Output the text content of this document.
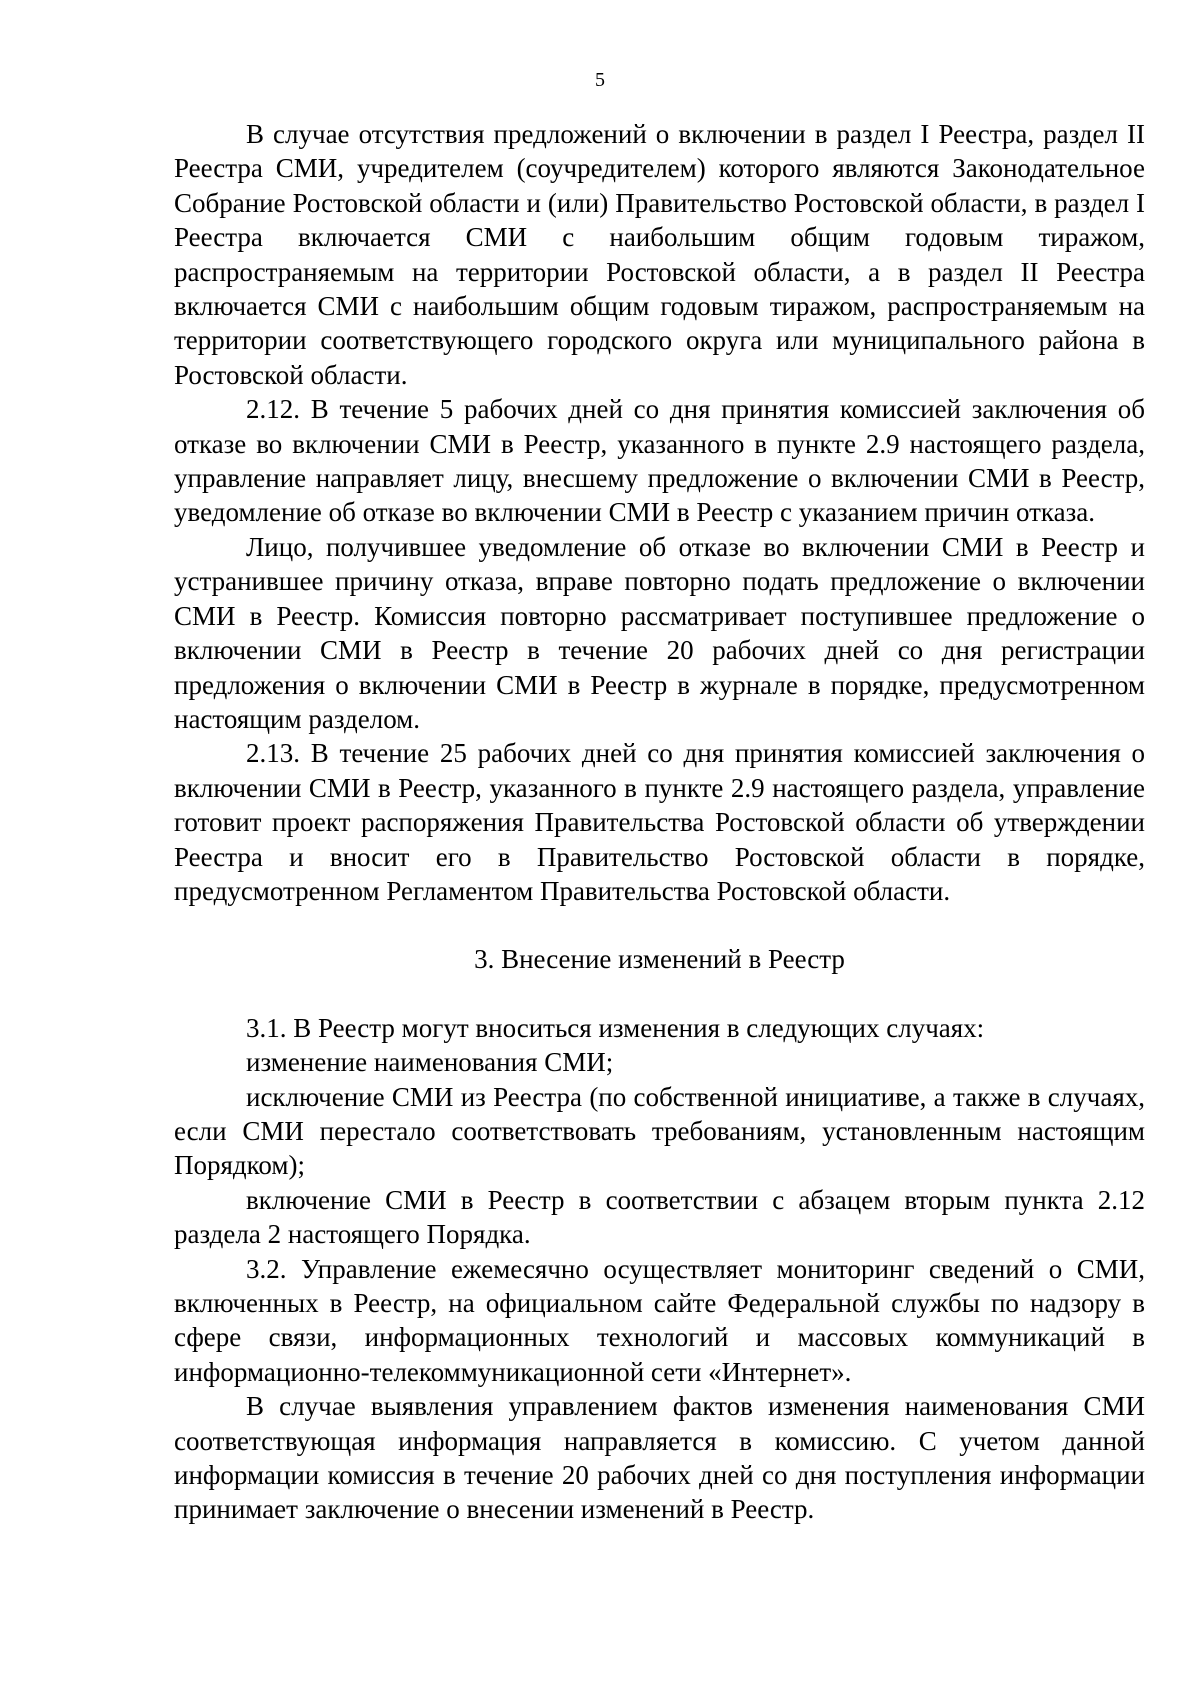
5

В случае отсутствия предложений о включении в раздел I Реестра, раздел II Реестра СМИ, учредителем (соучредителем) которого являются Законодательное Собрание Ростовской области и (или) Правительство Ростовской области, в раздел I Реестра включается СМИ с наибольшим общим годовым тиражом, распространяемым на территории Ростовской области, а в раздел II Реестра включается СМИ с наибольшим общим годовым тиражом, распространяемым на территории соответствующего городского округа или муниципального района в Ростовской области.

2.12. В течение 5 рабочих дней со дня принятия комиссией заключения об отказе во включении СМИ в Реестр, указанного в пункте 2.9 настоящего раздела, управление направляет лицу, внесшему предложение о включении СМИ в Реестр, уведомление об отказе во включении СМИ в Реестр с указанием причин отказа.

Лицо, получившее уведомление об отказе во включении СМИ в Реестр и устранившее причину отказа, вправе повторно подать предложение о включении СМИ в Реестр. Комиссия повторно рассматривает поступившее предложение о включении СМИ в Реестр в течение 20 рабочих дней со дня регистрации предложения о включении СМИ в Реестр в журнале в порядке, предусмотренном настоящим разделом.

2.13. В течение 25 рабочих дней со дня принятия комиссией заключения о включении СМИ в Реестр, указанного в пункте 2.9 настоящего раздела, управление готовит проект распоряжения Правительства Ростовской области об утверждении Реестра и вносит его в Правительство Ростовской области в порядке, предусмотренном Регламентом Правительства Ростовской области.

3. Внесение изменений в Реестр

3.1. В Реестр могут вноситься изменения в следующих случаях:

изменение наименования СМИ;

исключение СМИ из Реестра (по собственной инициативе, а также в случаях, если СМИ перестало соответствовать требованиям, установленным настоящим Порядком);

включение СМИ в Реестр в соответствии с абзацем вторым пункта 2.12 раздела 2 настоящего Порядка.

3.2. Управление ежемесячно осуществляет мониторинг сведений о СМИ, включенных в Реестр, на официальном сайте Федеральной службы по надзору в сфере связи, информационных технологий и массовых коммуникаций в информационно-телекоммуникационной сети «Интернет».

В случае выявления управлением фактов изменения наименования СМИ соответствующая информация направляется в комиссию. С учетом данной информации комиссия в течение 20 рабочих дней со дня поступления информации принимает заключение о внесении изменений в Реестр.
